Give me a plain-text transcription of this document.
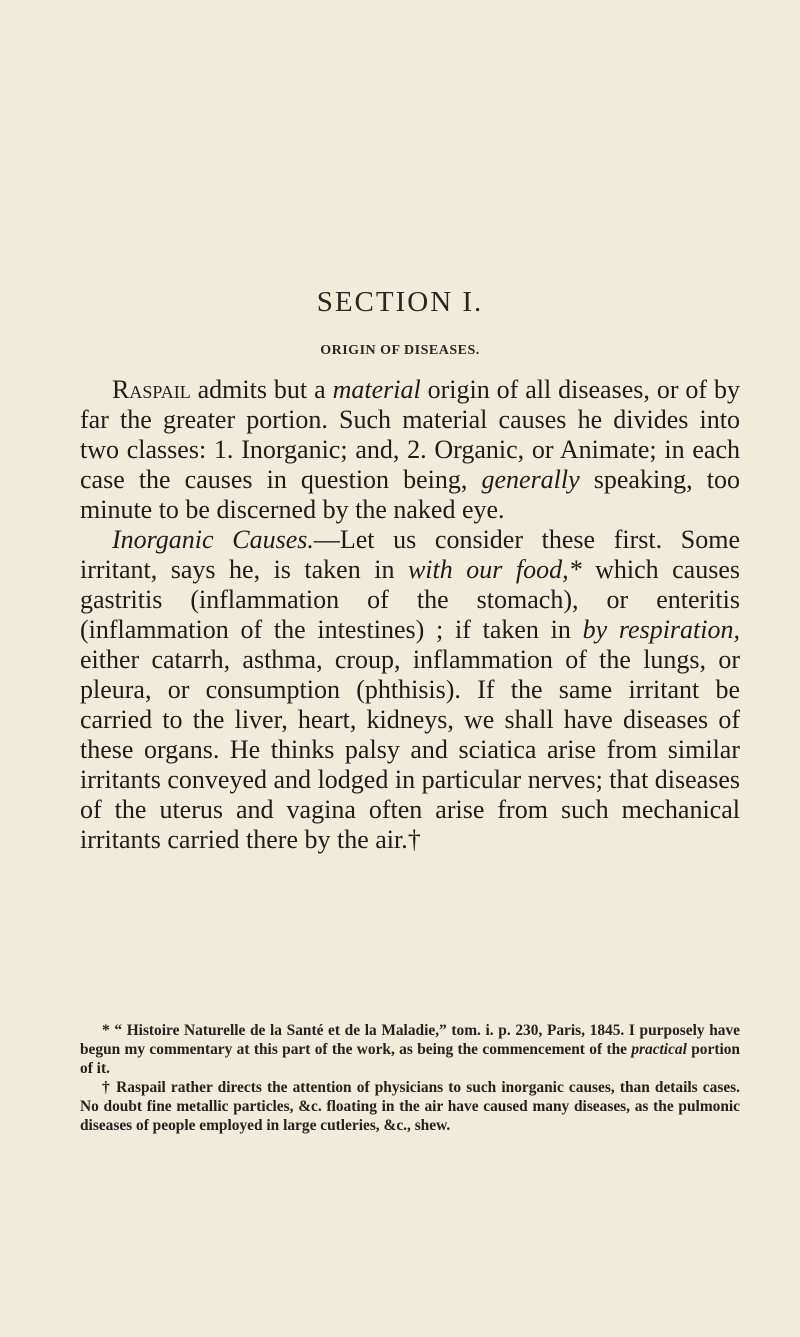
SECTION I.
ORIGIN OF DISEASES.

Raspail admits but a material origin of all diseases, or of by far the greater portion. Such material causes he divides into two classes: 1. Inorganic; and, 2. Organic, or Animate; in each case the causes in question being, generally speaking, too minute to be discerned by the naked eye.

Inorganic Causes.—Let us consider these first. Some irritant, says he, is taken in with our food,* which causes gastritis (inflammation of the stomach), or enteritis (inflammation of the intestines) ; if taken in by respiration, either catarrh, asthma, croup, inflammation of the lungs, or pleura, or consumption (phthisis). If the same irritant be carried to the liver, heart, kidneys, we shall have diseases of these organs. He thinks palsy and sciatica arise from similar irritants conveyed and lodged in particular nerves; that diseases of the uterus and vagina often arise from such mechanical irritants carried there by the air.†

* “ Histoire Naturelle de la Santé et de la Maladie,” tom. i. p. 230, Paris, 1845. I purposely have begun my commentary at this part of the work, as being the commencement of the practical portion of it.

† Raspail rather directs the attention of physicians to such inorganic causes, than details cases. No doubt fine metallic particles, &c. floating in the air have caused many diseases, as the pulmonic diseases of people employed in large cutleries, &c., shew.
